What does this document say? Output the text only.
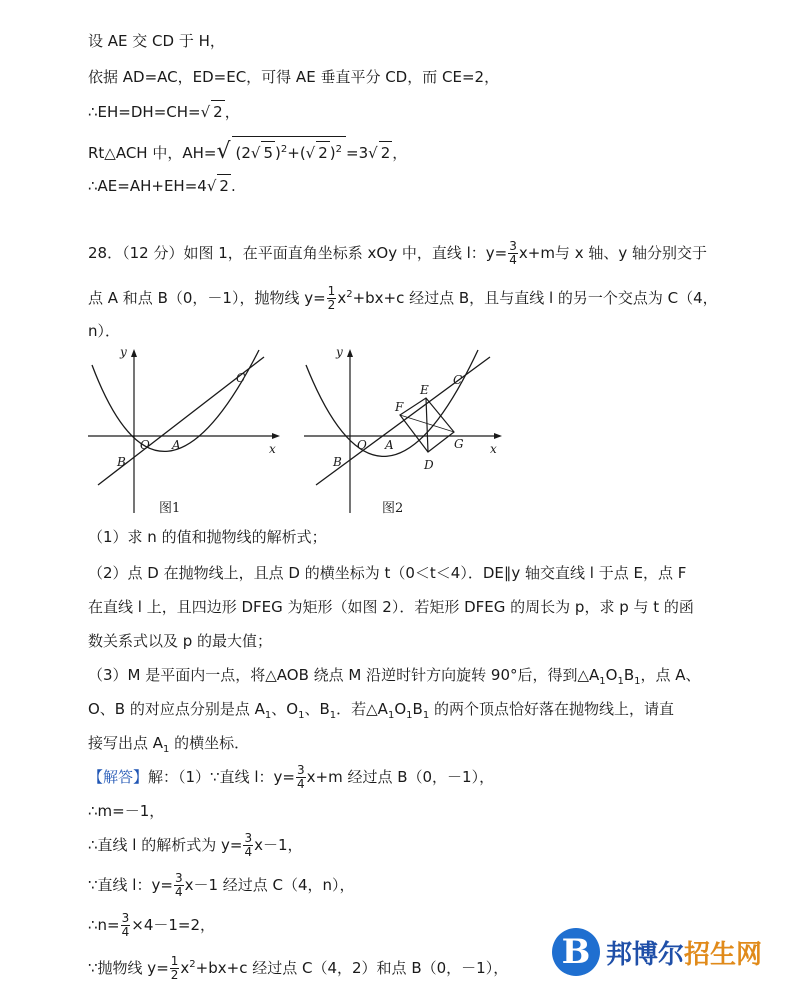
设 AE 交 CD 于 H，
依据 AD=AC，ED=EC，可得 AE 垂直平分 CD，而 CE=2，
∴EH=DH=CH=√ 2 ，
Rt△ACH 中，AH=√ (2√ 5 )$^2$+(√ 2 )$^2$ =3√ 2 ，
∴AE=AH+EH=4√ 2 .
28．（12 分）如图 1，在平面直角坐标系 xOy 中，直线 l：$y= \frac{3}{4} x+m$与 x 轴、y 轴分别交于
点 A 和点 B（0，－1），抛物线 $y= \frac{1}{2} x^2+bx+c$ 经过点 B，且与直线 l 的另一个交点为 C（4，
n）．
y
x
O A
B
C
图1
y
x
O A
B
C
E
F
D
G
图2
（1）求 n 的值和抛物线的解析式；
（2）点 D 在抛物线上，且点 D 的横坐标为 t（0＜t＜4）．DE∥y 轴交直线 l 于点 E，点 F
在直线 l 上，且四边形 DFEG 为矩形（如图 2）．若矩形 DFEG 的周长为 p，求 p 与 t 的函
数关系式以及 p 的最大值；
（3）M 是平面内一点，将△AOB 绕点 M 沿逆时针方向旋转 90°后，得到$\triangle A_1O_1B_1$，点 A、
O、B 的对应点分别是点 $A_1$、$O_1$、$B_1$．若$\triangle A_1O_1B_1$ 的两个顶点恰好落在抛物线上，请直
接写出点 $A_1$ 的横坐标．
【解答】解：（1）∵直线 l：$y= \frac{3}{4} x+m$ 经过点 B（0，－1），
∴m=－1，
∴直线 l 的解析式为 $y= \frac{3}{4} x-1$，
∵直线 l：$y= \frac{3}{4} x-1$ 经过点 C（4，n），
∴n= $\frac{3}{4} \times 4-1=2$，
∵抛物线 $y= \frac{1}{2} x^2+bx+c$ 经过点 C（4，2）和点 B（0，－1）， B 邦博尔招生网
